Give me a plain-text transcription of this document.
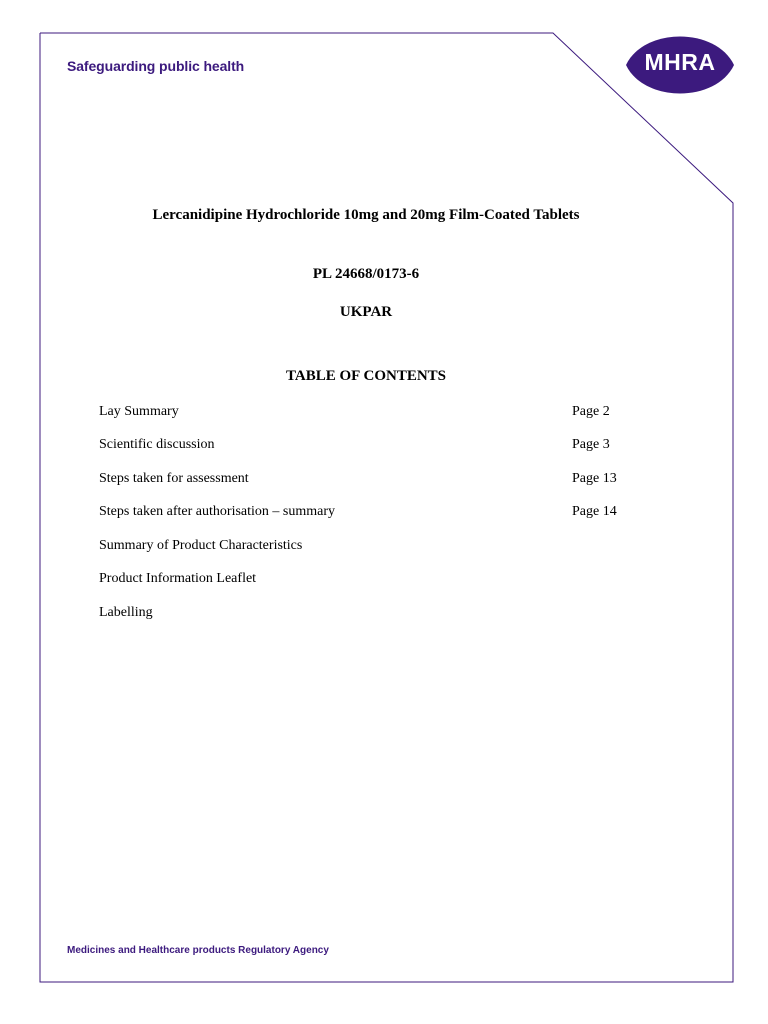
Safeguarding public health	MHRA
Lercanidipine Hydrochloride 10mg and 20mg Film-Coated Tablets
PL 24668/0173-6
UKPAR
TABLE OF CONTENTS
Lay Summary	Page 2
Scientific discussion	Page 3
Steps taken for assessment	Page 13
Steps taken after authorisation – summary	Page 14
Summary of Product Characteristics
Product Information Leaflet
Labelling
Medicines and Healthcare products Regulatory Agency
